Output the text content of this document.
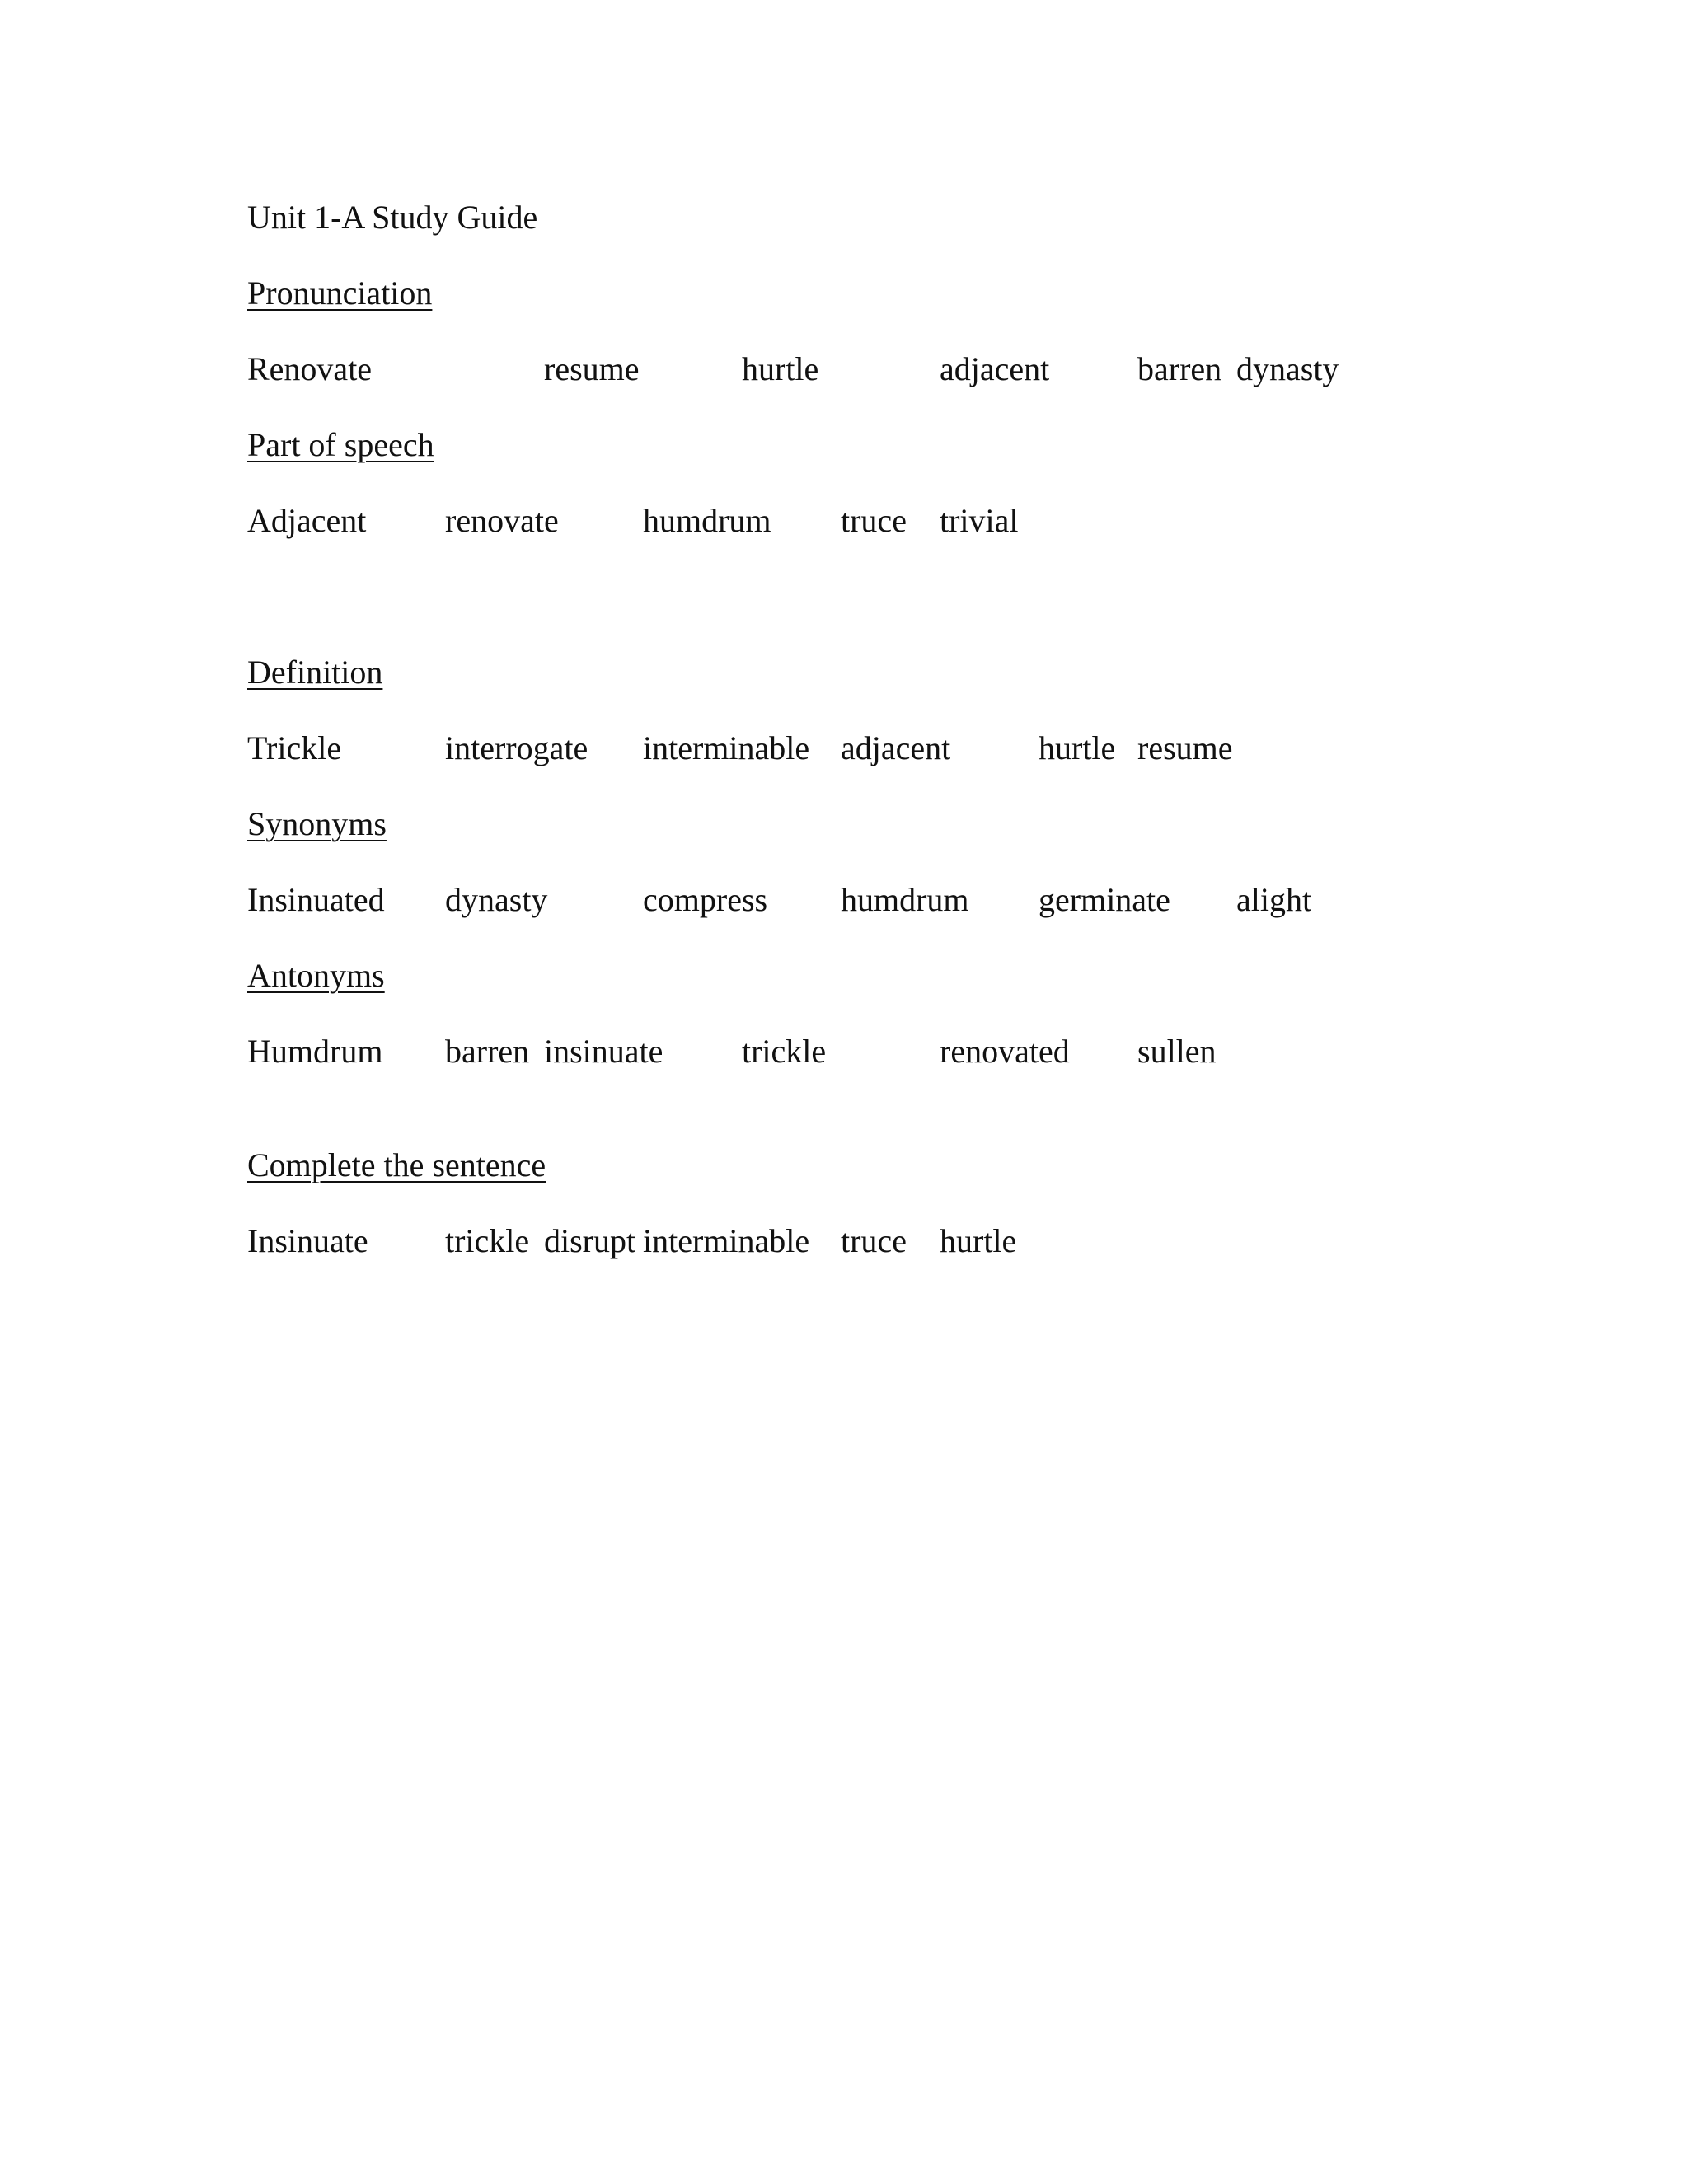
Unit 1-A Study Guide
Pronunciation
Renovate	resume	hurtle	adjacent	barren dynasty
Part of speech
Adjacent renovate	humdrum truce trivial
Definition
Trickle	interrogate interminable adjacent	hurtle resume
Synonyms
Insinuated dynasty	compress humdrum germinate alight
Antonyms
Humdrum barren insinuate trickle	renovated sullen
Complete the sentence
Insinuate trickle disrupt interminable truce hurtle
